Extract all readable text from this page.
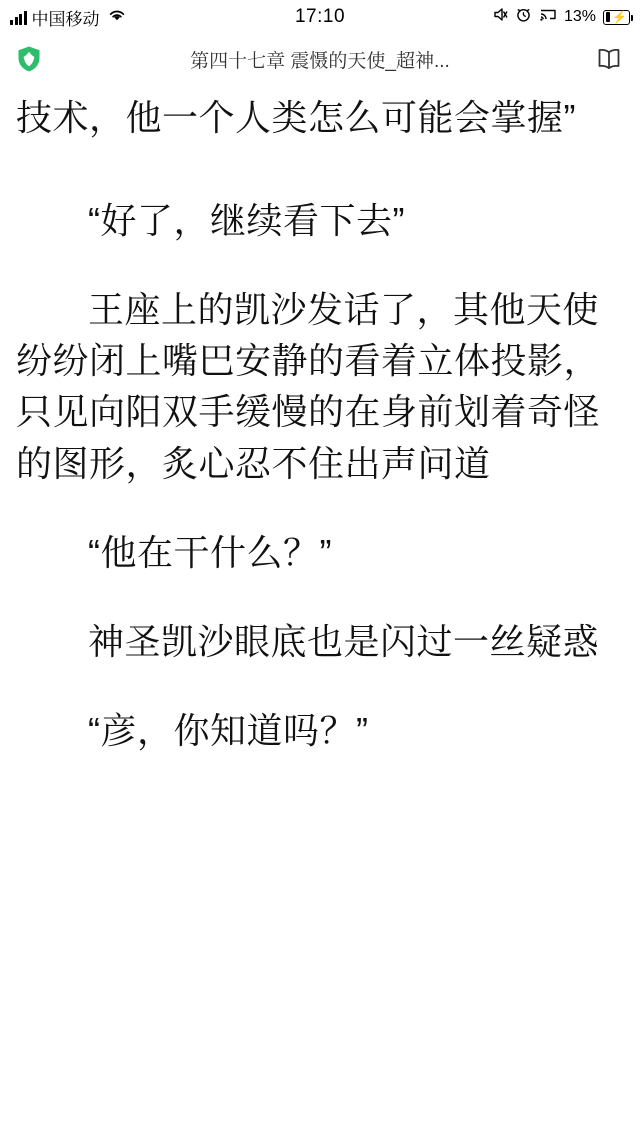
中国移动	17:10	13% ⚡
第四十七章 震慑的天使_超神...

技术，他一个人类怎么可能会掌握”

“好了，继续看下去”

王座上的凯沙发话了，其他天使纷纷闭上嘴巴安静的看着立体投影，只见向阳双手缓慢的在身前划着奇怪的图形，炙心忍不住出声问道

“他在干什么？”

神圣凯沙眼底也是闪过一丝疑惑

“彦，你知道吗？”
